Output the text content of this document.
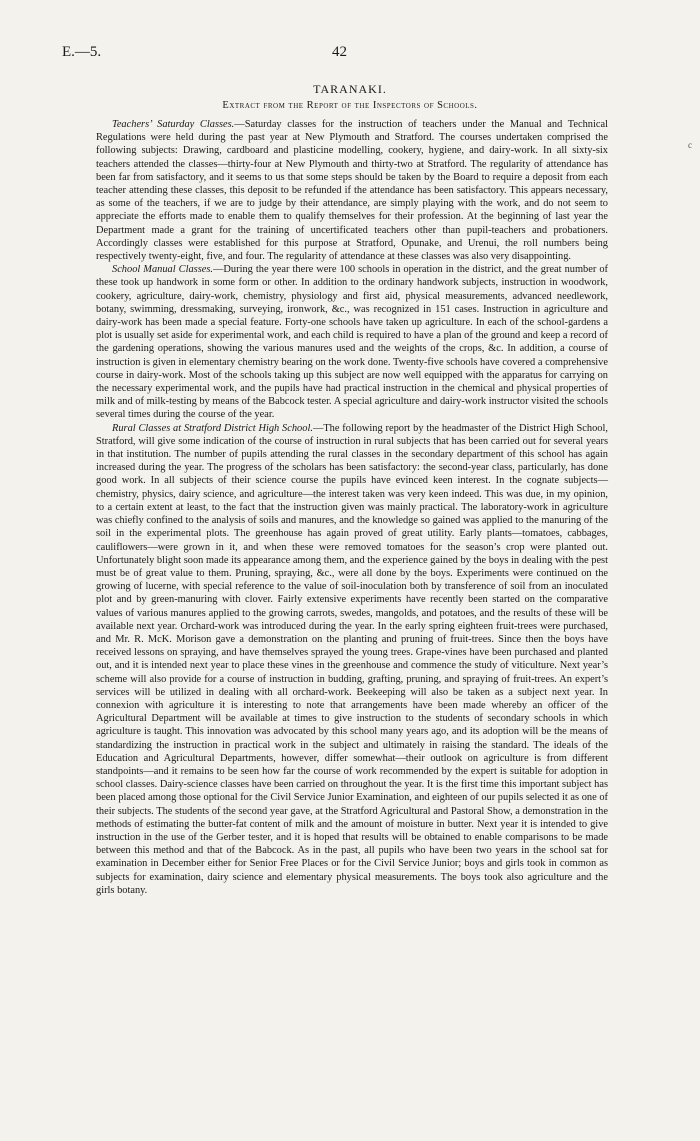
E.—5.	42
TARANAKI.
Extract from the Report of the Inspectors of Schools.

Teachers’ Saturday Classes.—Saturday classes for the instruction of teachers under the Manual and Technical Regulations were held during the past year at New Plymouth and Stratford. The courses undertaken comprised the following subjects: Drawing, cardboard and plasticine modelling, cookery, hygiene, and dairy-work. In all sixty-six teachers attended the classes—thirty-four at New Plymouth and thirty-two at Stratford. The regularity of attendance has been far from satisfactory, and it seems to us that some steps should be taken by the Board to require a deposit from each teacher attending these classes, this deposit to be refunded if the attendance has been satisfactory. This appears necessary, as some of the teachers, if we are to judge by their attendance, are simply playing with the work, and do not seem to appreciate the efforts made to enable them to qualify themselves for their profession. At the beginning of last year the Department made a grant for the training of uncertificated teachers other than pupil-teachers and probationers. Accordingly classes were established for this purpose at Stratford, Opunake, and Urenui, the roll numbers being respectively twenty-eight, five, and four. The regularity of attendance at these classes was also very disappointing.

School Manual Classes.—During the year there were 100 schools in operation in the district, and the great number of these took up handwork in some form or other. In addition to the ordinary handwork subjects, instruction in woodwork, cookery, agriculture, dairy-work, chemistry, physiology and first aid, physical measurements, advanced needlework, botany, swimming, dressmaking, surveying, ironwork, &c., was recognized in 151 cases. Instruction in agriculture and dairy-work has been made a special feature. Forty-one schools have taken up agriculture. In each of the school-gardens a plot is usually set aside for experimental work, and each child is required to have a plan of the ground and keep a record of the gardening operations, showing the various manures used and the weights of the crops, &c. In addition, a course of instruction is given in elementary chemistry bearing on the work done. Twenty-five schools have covered a comprehensive course in dairy-work. Most of the schools taking up this subject are now well equipped with the apparatus for carrying on the necessary experimental work, and the pupils have had practical instruction in the chemical and physical properties of milk and of milk-testing by means of the Babcock tester. A special agriculture and dairy-work instructor visited the schools several times during the course of the year.

Rural Classes at Stratford District High School.—The following report by the headmaster of the District High School, Stratford, will give some indication of the course of instruction in rural subjects that has been carried out for several years in that institution. The number of pupils attending the rural classes in the secondary department of this school has again increased during the year. The progress of the scholars has been satisfactory: the second-year class, particularly, has done good work. In all subjects of their science course the pupils have evinced keen interest. In the cognate subjects—chemistry, physics, dairy science, and agriculture—the interest taken was very keen indeed. This was due, in my opinion, to a certain extent at least, to the fact that the instruction given was mainly practical. The laboratory-work in agriculture was chiefly confined to the analysis of soils and manures, and the knowledge so gained was applied to the manuring of the soil in the experimental plots. The greenhouse has again proved of great utility. Early plants—tomatoes, cabbages, cauliflowers—were grown in it, and when these were removed tomatoes for the season’s crop were planted out. Unfortunately blight soon made its appearance among them, and the experience gained by the boys in dealing with the pest must be of great value to them. Pruning, spraying, &c., were all done by the boys. Experiments were continued on the growing of lucerne, with special reference to the value of soil-inoculation both by transference of soil from an inoculated plot and by green-manuring with clover. Fairly extensive experiments have recently been started on the comparative values of various manures applied to the growing carrots, swedes, mangolds, and potatoes, and the results of these will be available next year. Orchard-work was introduced during the year. In the early spring eighteen fruit-trees were purchased, and Mr. R. McK. Morison gave a demonstration on the planting and pruning of fruit-trees. Since then the boys have received lessons on spraying, and have themselves sprayed the young trees. Grape-vines have been purchased and planted out, and it is intended next year to place these vines in the greenhouse and commence the study of viticulture. Next year’s scheme will also provide for a course of instruction in budding, grafting, pruning, and spraying of fruit-trees. An expert’s services will be utilized in dealing with all orchard-work. Beekeeping will also be taken as a subject next year. In connexion with agriculture it is interesting to note that arrangements have been made whereby an officer of the Agricultural Department will be available at times to give instruction to the students of secondary schools in which agriculture is taught. This innovation was advocated by this school many years ago, and its adoption will be the means of standardizing the instruction in practical work in the subject and ultimately in raising the standard. The ideals of the Education and Agricultural Departments, however, differ somewhat—their outlook on agriculture is from different standpoints—and it remains to be seen how far the course of work recommended by the expert is suitable for adoption in school classes. Dairy-science classes have been carried on throughout the year. It is the first time this important subject has been placed among those optional for the Civil Service Junior Examination, and eighteen of our pupils selected it as one of their subjects. The students of the second year gave, at the Stratford Agricultural and Pastoral Show, a demonstration in the methods of estimating the butter-fat content of milk and the amount of moisture in butter. Next year it is intended to give instruction in the use of the Gerber tester, and it is hoped that results will be obtained to enable comparisons to be made between this method and that of the Babcock. As in the past, all pupils who have been two years in the school sat for examination in December either for Senior Free Places or for the Civil Service Junior; boys and girls took in common as subjects for examination, dairy science and elementary physical measurements. The boys took also agriculture and the girls botany.

c
